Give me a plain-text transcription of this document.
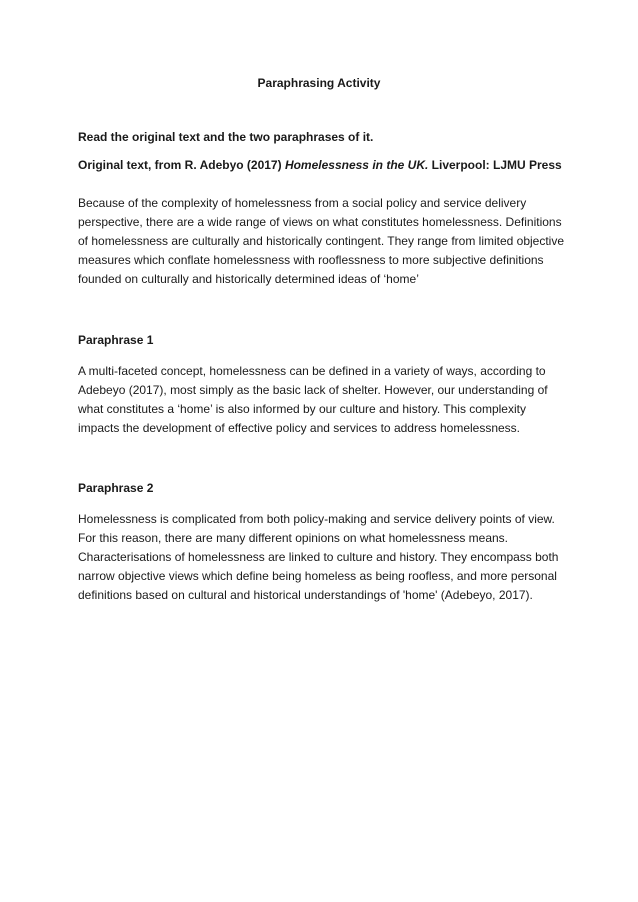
Paraphrasing Activity

Read the original text and the two paraphrases of it.

Original text, from R. Adebyo (2017) Homelessness in the UK. Liverpool: LJMU Press

Because of the complexity of homelessness from a social policy and service delivery
perspective, there are a wide range of views on what constitutes homelessness. Definitions
of homelessness are culturally and historically contingent. They range from limited objective
measures which conflate homelessness with rooflessness to more subjective definitions
founded on culturally and historically determined ideas of ‘home’

Paraphrase 1

A multi-faceted concept, homelessness can be defined in a variety of ways, according to
Adebeyo (2017), most simply as the basic lack of shelter. However, our understanding of
what constitutes a ‘home’ is also informed by our culture and history. This complexity
impacts the development of effective policy and services to address homelessness.

Paraphrase 2

Homelessness is complicated from both policy-making and service delivery points of view.
For this reason, there are many different opinions on what homelessness means.
Characterisations of homelessness are linked to culture and history. They encompass both
narrow objective views which define being homeless as being roofless, and more personal
definitions based on cultural and historical understandings of 'home' (Adebeyo, 2017).
